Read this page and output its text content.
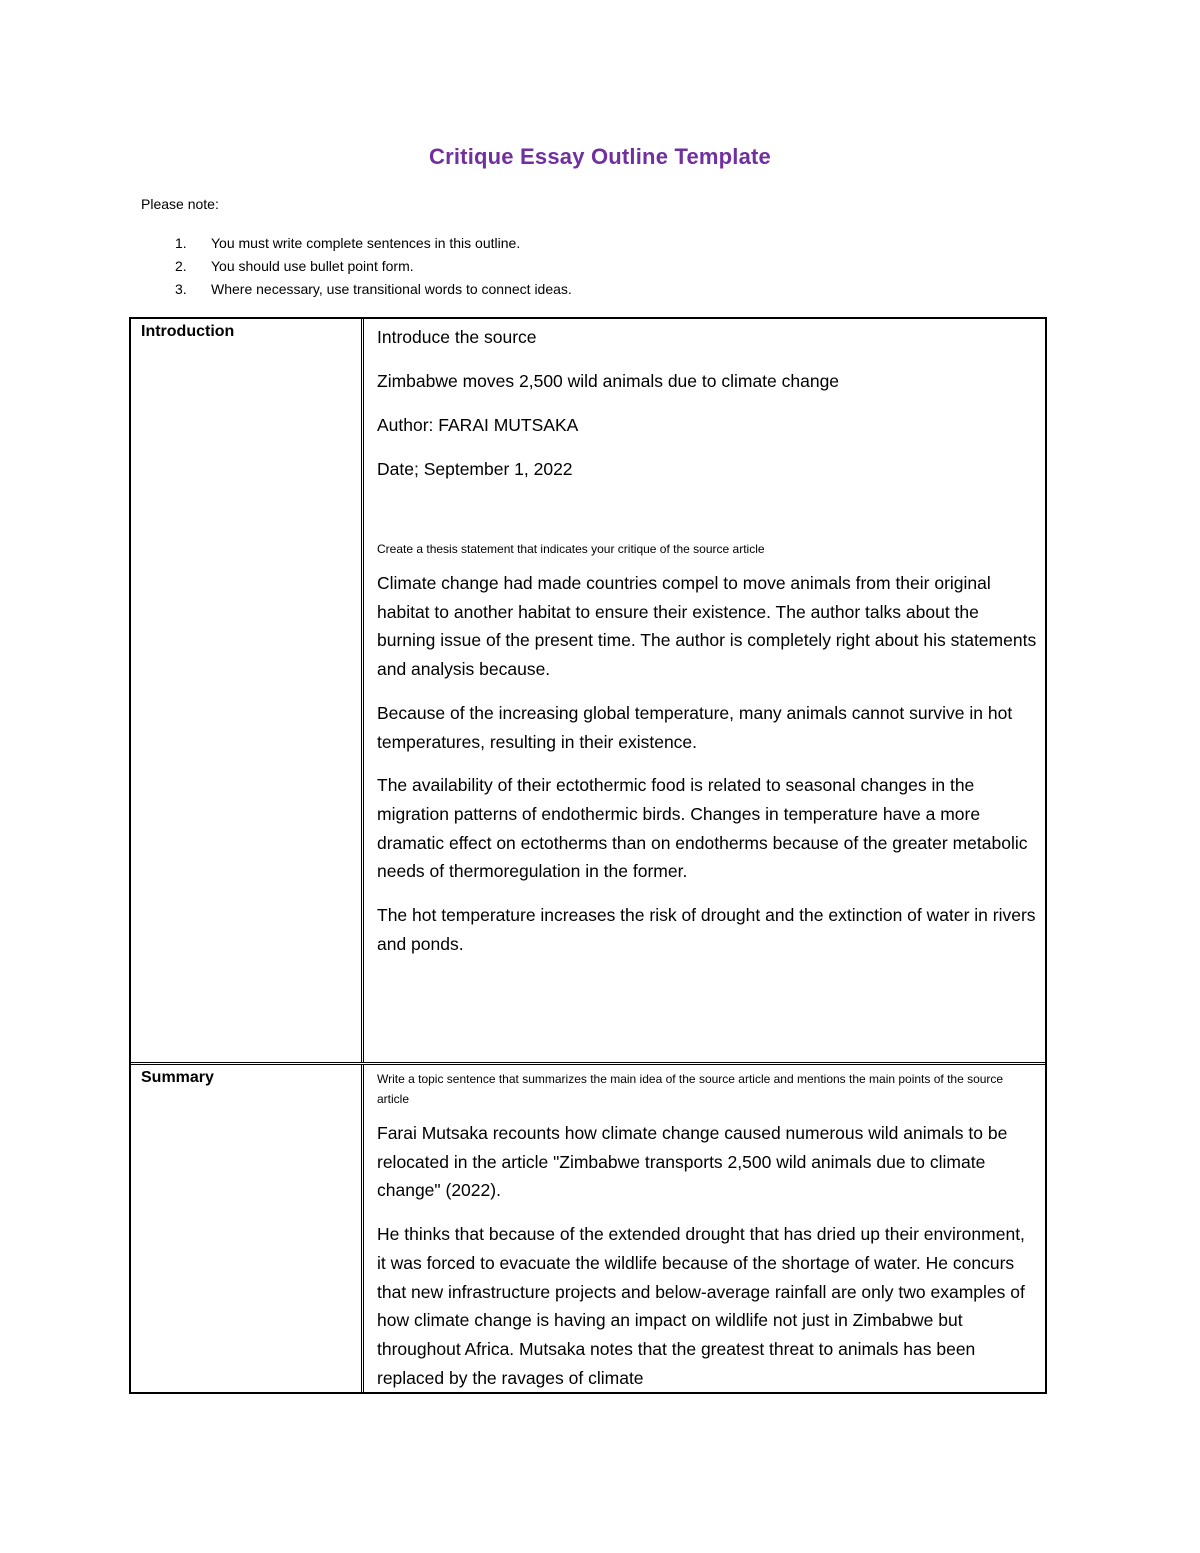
Critique Essay Outline Template
Please note:
1.	You must write complete sentences in this outline.
2.	You should use bullet point form.
3.	Where necessary, use transitional words to connect ideas.
Introduction	Introduce the source

Zimbabwe moves 2,500 wild animals due to climate change

Author: FARAI MUTSAKA

Date; September 1, 2022

Create a thesis statement that indicates your critique of the source article

Climate change had made countries compel to move animals from their original habitat to another habitat to ensure their existence. The author talks about the burning issue of the present time. The author is completely right about his statements and analysis because.

Because of the increasing global temperature, many animals cannot survive in hot temperatures, resulting in their existence.

The availability of their ectothermic food is related to seasonal changes in the migration patterns of endothermic birds. Changes in temperature have a more dramatic effect on ectotherms than on endotherms because of the greater metabolic needs of thermoregulation in the former.

The hot temperature increases the risk of drought and the extinction of water in rivers and ponds.

Summary	Write a topic sentence that summarizes the main idea of the source article and mentions the main points of the source article

Farai Mutsaka recounts how climate change caused numerous wild animals to be relocated in the article "Zimbabwe transports 2,500 wild animals due to climate change" (2022).

He thinks that because of the extended drought that has dried up their environment, it was forced to evacuate the wildlife because of the shortage of water. He concurs that new infrastructure projects and below-average rainfall are only two examples of how climate change is having an impact on wildlife not just in Zimbabwe but throughout Africa. Mutsaka notes that the greatest threat to animals has been replaced by the ravages of climate
